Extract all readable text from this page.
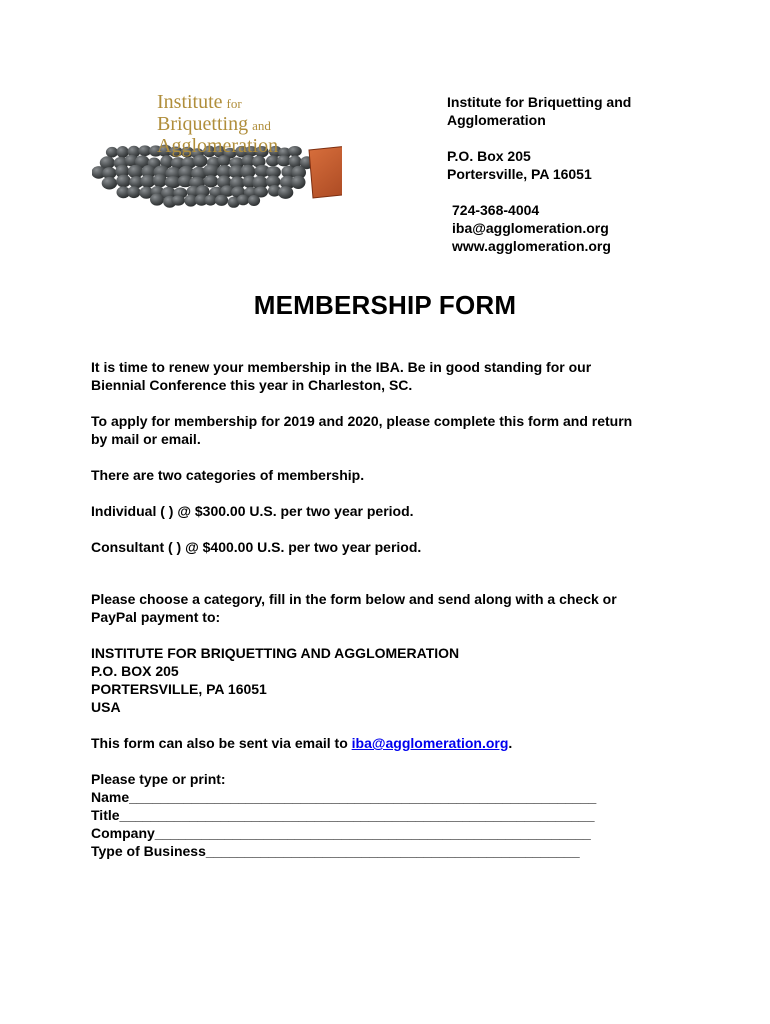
Institute for
Briquetting and
Agglomeration
Institute for Briquetting and
Agglomeration
P.O. Box 205
Portersville, PA 16051
724-368-4004
iba@agglomeration.org
www.agglomeration.org
MEMBERSHIP FORM

It is time to renew your membership in the IBA. Be in good standing for our

Biennial Conference this year in Charleston, SC.

To apply for membership for 2019 and 2020, please complete this form and return

by mail or email.

There are two categories of membership.

Individual ( ) @ $300.00 U.S. per two year period.

Consultant ( ) @ $400.00 U.S. per two year period.

Please choose a category, fill in the form below and send along with a check or

PayPal payment to:

INSTITUTE FOR BRIQUETTING AND AGGLOMERATION

P.O. BOX 205

PORTERSVILLE, PA 16051

USA

This form can also be sent via email to iba@agglomeration.org.

Please type or print:

Name____________________________________________________________

Title_____________________________________________________________

Company________________________________________________________

Type of Business________________________________________________
